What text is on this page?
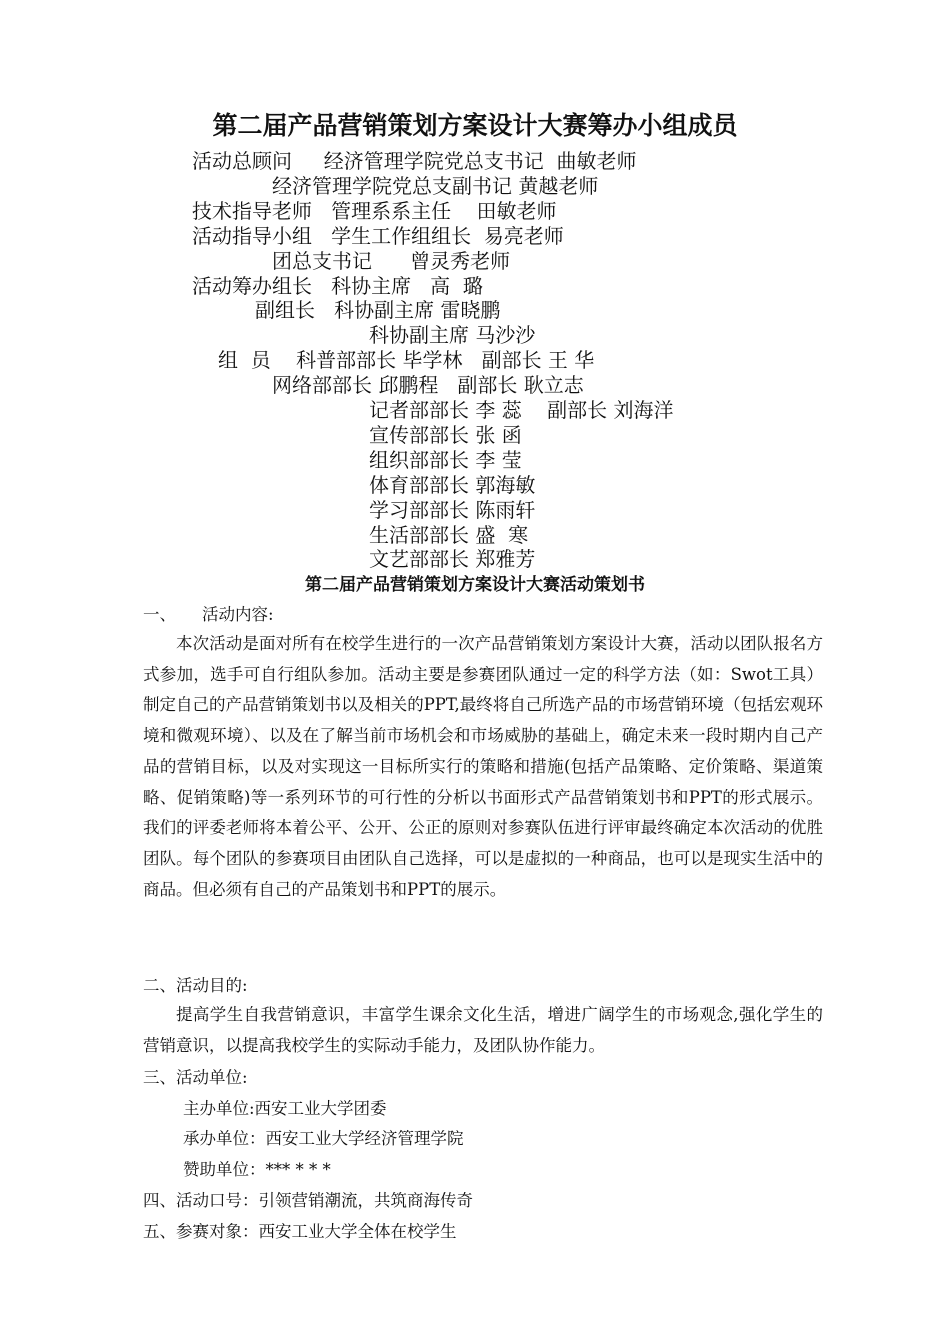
第二届产品营销策划方案设计大赛筹办小组成员
活动总顾问     经济管理学院党总支书记  曲敏老师
经济管理学院党总支副书记 黄越老师
技术指导老师   管理系系主任    田敏老师
活动指导小组   学生工作组组长  易亮老师
团总支书记      曾灵秀老师
活动筹办组长   科协主席   高  璐
副组长   科协副主席 雷晓鹏
科协副主席 马沙沙
组  员    科普部部长 毕学林   副部长 王 华
网络部部长 邱鹏程   副部长 耿立志
记者部部长 李 蕊    副部长 刘海洋
宣传部部长 张 函
组织部部长 李 莹
体育部部长 郭海敏
学习部部长 陈雨轩
生活部部长 盛  寒
文艺部部长 郑雅芳
第二届产品营销策划方案设计大赛活动策划书
一、 活动内容:
本次活动是面对所有在校学生进行的一次产品营销策划方案设计大赛，活动以团队报名方式参加，选手可自行组队参加。活动主要是参赛团队通过一定的科学方法（如：Swot工具）制定自己的产品营销策划书以及相关的PPT,最终将自己所选产品的市场营销环境（包括宏观环境和微观环境）、以及在了解当前市场机会和市场威胁的基础上，确定未来一段时期内自己产品的营销目标，以及对实现这一目标所实行的策略和措施(包括产品策略、定价策略、渠道策略、促销策略)等一系列环节的可行性的分析以书面形式产品营销策划书和PPT的形式展示。我们的评委老师将本着公平、公开、公正的原则对参赛队伍进行评审最终确定本次活动的优胜团队。每个团队的参赛项目由团队自己选择，可以是虚拟的一种商品，也可以是现实生活中的商品。但必须有自己的产品策划书和PPT的展示。
二、活动目的:
提高学生自我营销意识，丰富学生课余文化生活，增进广阔学生的市场观念,强化学生的营销意识，以提高我校学生的实际动手能力，及团队协作能力。
三、活动单位:
主办单位:西安工业大学团委
承办单位：西安工业大学经济管理学院
赞助单位：*** * * *
四、活动口号：引领营销潮流，共筑商海传奇
五、参赛对象：西安工业大学全体在校学生
